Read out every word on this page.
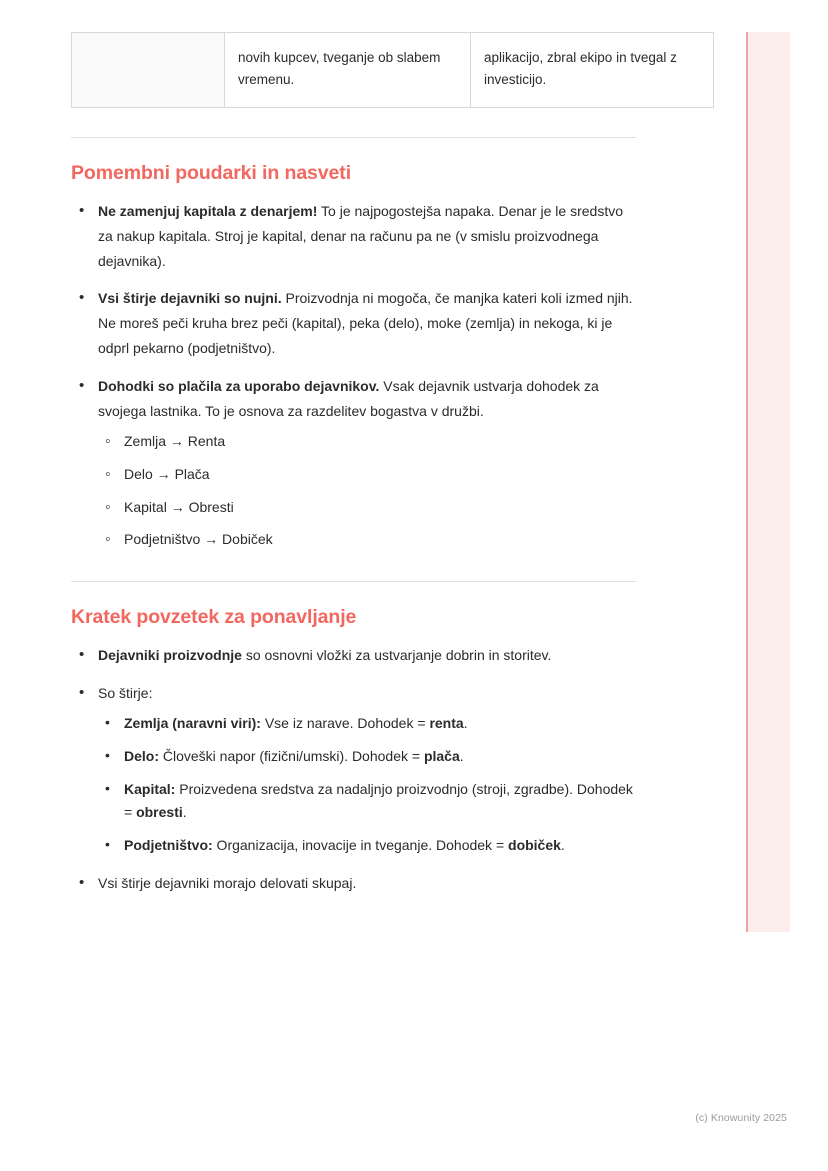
	novih kupcev, tveganje ob slabem vremenu.	aplikacijo, zbral ekipo in tvegal z investicijo.
Pomembni poudarki in nasveti
• Ne zamenjuj kapitala z denarjem! To je najpogostejša napaka. Denar je le sredstvo za nakup kapitala. Stroj je kapital, denar na računu pa ne (v smislu proizvodnega dejavnika).
• Vsi štirje dejavniki so nujni. Proizvodnja ni mogoča, če manjka kateri koli izmed njih. Ne moreš peči kruha brez peči (kapital), peka (delo), moke (zemlja) in nekoga, ki je odprl pekarno (podjetništvo).
• Dohodki so plačila za uporabo dejavnikov. Vsak dejavnik ustvarja dohodek za svojega lastnika. To je osnova za razdelitev bogastva v družbi.
◦ Zemlja → Renta
◦ Delo → Plača
◦ Kapital → Obresti
◦ Podjetništvo → Dobiček
Kratek povzetek za ponavljanje
• Dejavniki proizvodnje so osnovni vložki za ustvarjanje dobrin in storitev.
• So štirje:
• Zemlja (naravni viri): Vse iz narave. Dohodek = renta.
• Delo: Človeški napor (fizični/umski). Dohodek = plača.
• Kapital: Proizvedena sredstva za nadaljnjo proizvodnjo (stroji, zgradbe). Dohodek = obresti.
• Podjetništvo: Organizacija, inovacije in tveganje. Dohodek = dobiček.
• Vsi štirje dejavniki morajo delovati skupaj.
(c) Knowunity 2025
